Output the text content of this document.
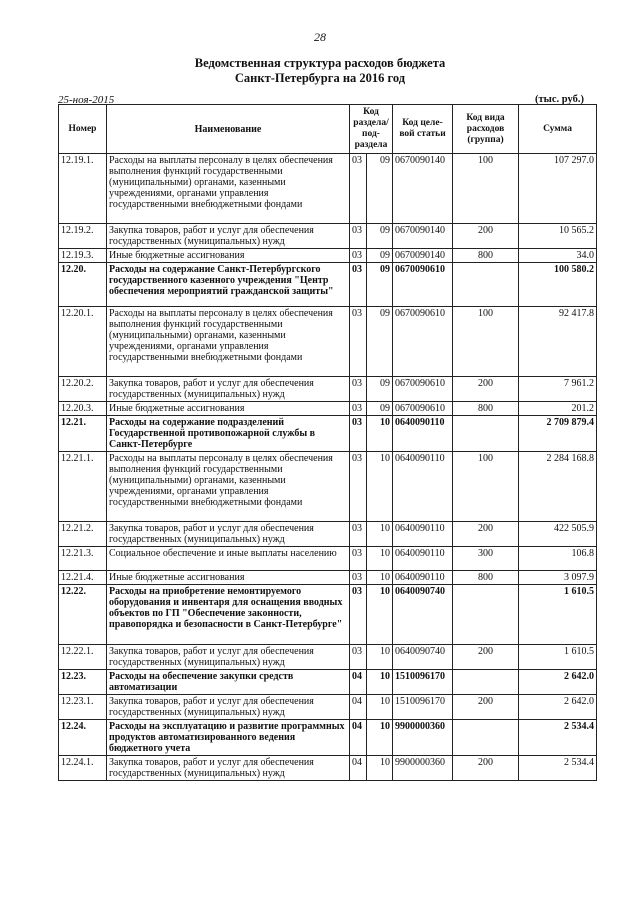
28
Ведомственная структура расходов бюджета
Санкт-Петербурга на 2016 год
25-ноя-2015	(тыс. руб.)
Номер	Наименование	Код раздела/ под-раздела		Код целе-вой статьи	Код вида расходов (группа)	Сумма
12.19.1.	Расходы на выплаты персоналу в целях обеспечения выполнения функций государственными (муниципальными) органами, казенными учреждениями, органами управления государственными внебюджетными фондами	03	09	0670090140	100	107 297.0
12.19.2.	Закупка товаров, работ и услуг для обеспечения государственных (муниципальных) нужд	03	09	0670090140	200	10 565.2
12.19.3.	Иные бюджетные ассигнования	03	09	0670090140	800	34.0
12.20.	Расходы на содержание Санкт-Петербургского государственного казенного учреждения "Центр обеспечения мероприятий гражданской защиты"	03	09	0670090610		100 580.2
12.20.1.	Расходы на выплаты персоналу в целях обеспечения выполнения функций государственными (муниципальными) органами, казенными учреждениями, органами управления государственными внебюджетными фондами	03	09	0670090610	100	92 417.8
12.20.2.	Закупка товаров, работ и услуг для обеспечения государственных (муниципальных) нужд	03	09	0670090610	200	7 961.2
12.20.3.	Иные бюджетные ассигнования	03	09	0670090610	800	201.2
12.21.	Расходы на содержание подразделений Государственной противопожарной службы в Санкт-Петербурге	03	10	0640090110		2 709 879.4
12.21.1.	Расходы на выплаты персоналу в целях обеспечения выполнения функций государственными (муниципальными) органами, казенными учреждениями, органами управления государственными внебюджетными фондами	03	10	0640090110	100	2 284 168.8
12.21.2.	Закупка товаров, работ и услуг для обеспечения государственных (муниципальных) нужд	03	10	0640090110	200	422 505.9
12.21.3.	Социальное обеспечение и иные выплаты населению	03	10	0640090110	300	106.8
12.21.4.	Иные бюджетные ассигнования	03	10	0640090110	800	3 097.9
12.22.	Расходы на приобретение немонтируемого оборудования и инвентаря для оснащения вводных объектов по ГП "Обеспечение законности, правопорядка и безопасности в Санкт-Петербурге"	03	10	0640090740		1 610.5
12.22.1.	Закупка товаров, работ и услуг для обеспечения государственных (муниципальных) нужд	03	10	0640090740	200	1 610.5
12.23.	Расходы на обеспечение закупки средств автоматизации	04	10	1510096170		2 642.0
12.23.1.	Закупка товаров, работ и услуг для обеспечения государственных (муниципальных) нужд	04	10	1510096170	200	2 642.0
12.24.	Расходы на эксплуатацию и развитие программных продуктов автоматизированного ведения бюджетного учета	04	10	9900000360		2 534.4
12.24.1.	Закупка товаров, работ и услуг для обеспечения государственных (муниципальных) нужд	04	10	9900000360	200	2 534.4
